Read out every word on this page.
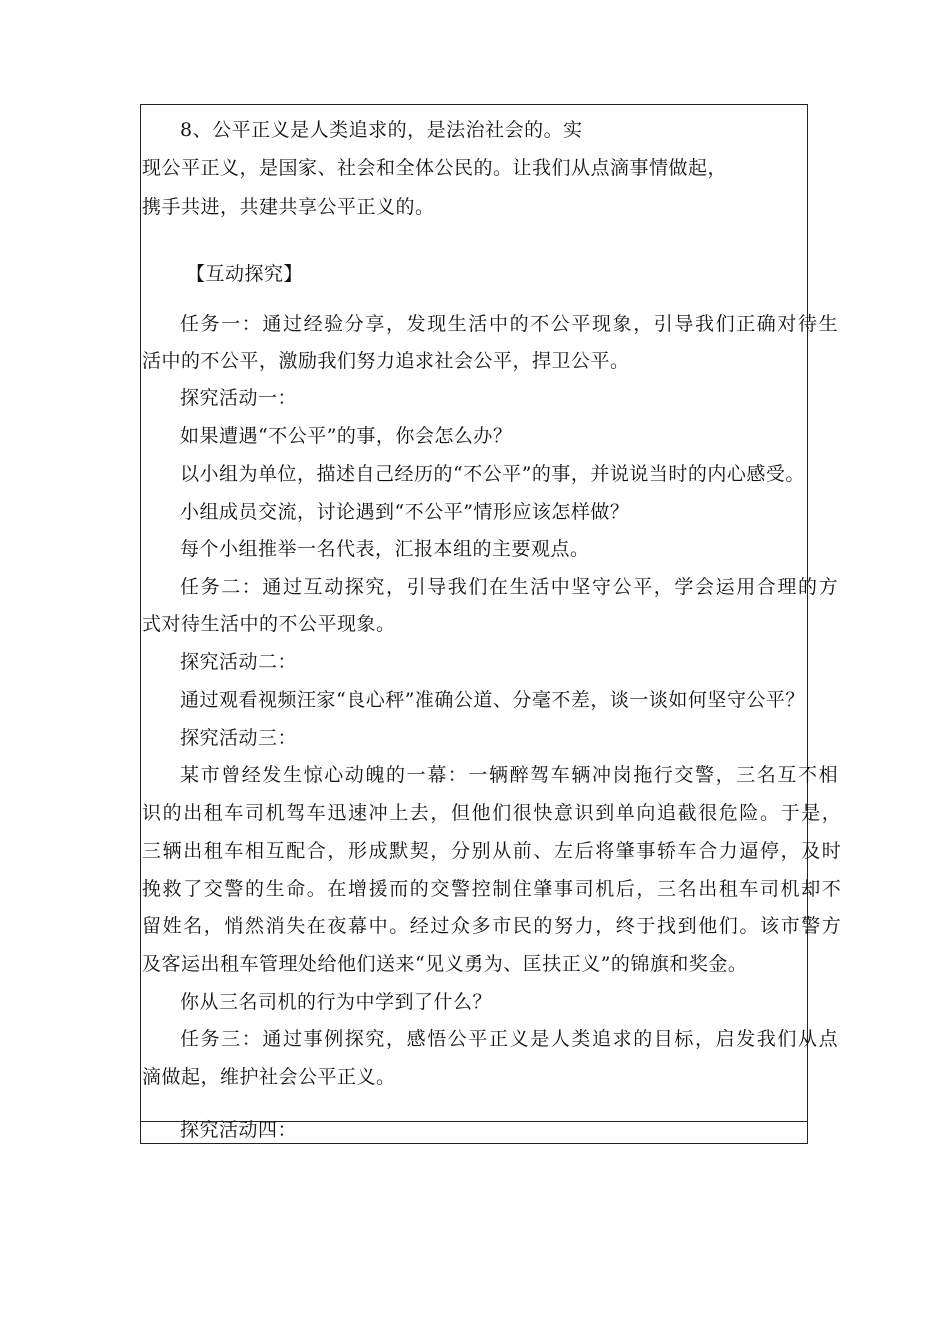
8、公平正义是人类追求的，是法治社会的。实
现公平正义，是国家、社会和全体公民的。让我们从点滴事情做起，
携手共进，共建共享公平正义的。
【互动探究】
任务一：通过经验分享，发现生活中的不公平现象，引导我们正确对待生
活中的不公平，激励我们努力追求社会公平，捍卫公平。
探究活动一：
如果遭遇“不公平”的事，你会怎么办？
以小组为单位，描述自己经历的“不公平”的事，并说说当时的内心感受。
小组成员交流，讨论遇到“不公平”情形应该怎样做？
每个小组推举一名代表，汇报本组的主要观点。
任务二：通过互动探究，引导我们在生活中坚守公平，学会运用合理的方
式对待生活中的不公平现象。
探究活动二：
通过观看视频汪家“良心秤”准确公道、分毫不差，谈一谈如何坚守公平？
探究活动三：
某市曾经发生惊心动魄的一幕：一辆醉驾车辆冲岗拖行交警，三名互不相
识的出租车司机驾车迅速冲上去，但他们很快意识到单向追截很危险。于是，
三辆出租车相互配合，形成默契，分别从前、左后将肇事轿车合力逼停，及时
挽救了交警的生命。在增援而的交警控制住肇事司机后，三名出租车司机却不
留姓名，悄然消失在夜幕中。经过众多市民的努力，终于找到他们。该市警方
及客运出租车管理处给他们送来“见义勇为、匡扶正义”的锦旗和奖金。
你从三名司机的行为中学到了什么？
任务三：通过事例探究，感悟公平正义是人类追求的目标，启发我们从点
滴做起，维护社会公平正义。
探究活动四：
